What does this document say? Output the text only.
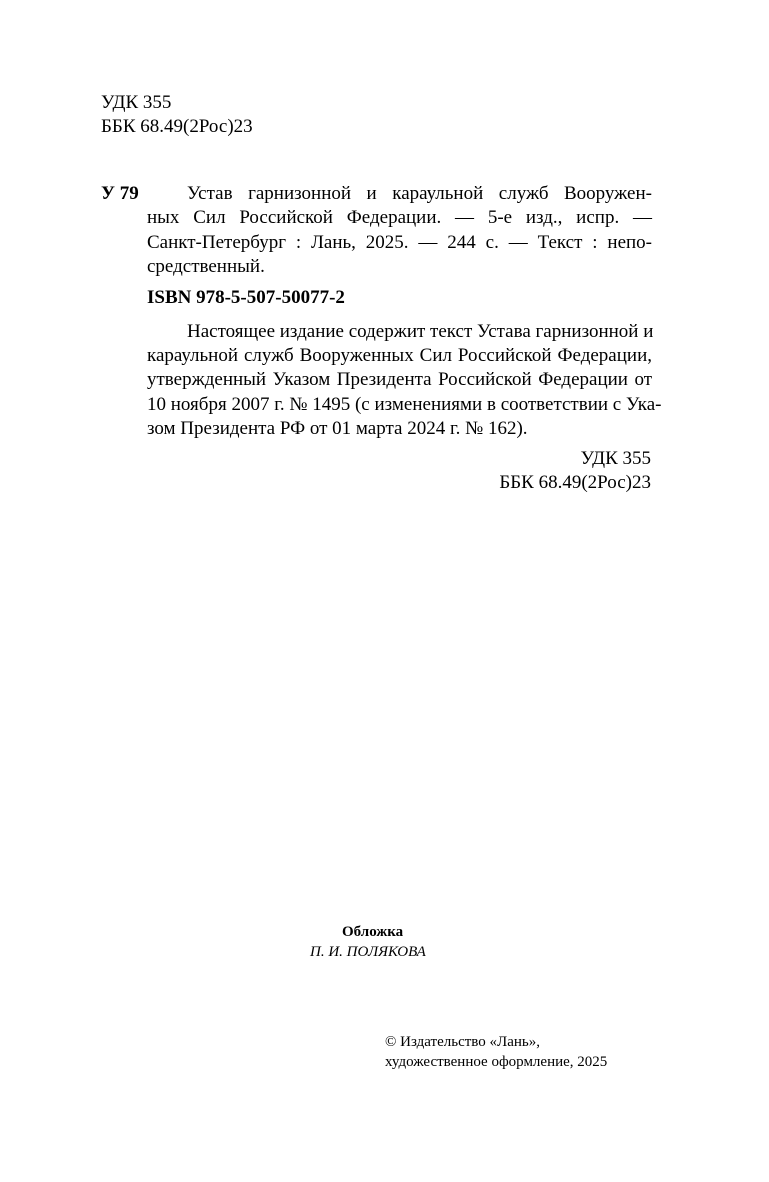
УДК 355
ББК 68.49(2Рос)23
У 79	Устав гарнизонной и караульной служб Вооружен-
ных Сил Российской Федерации. — 5-е изд., испр. —
Санкт-Петербург : Лань, 2025. — 244 с. — Текст : непо-
средственный.
ISBN 978-5-507-50077-2
Настоящее издание содержит текст Устава гарнизонной и
караульной служб Вооруженных Сил Российской Федерации,
утвержденный Указом Президента Российской Федерации от
10 ноября 2007 г. № 1495 (с изменениями в соответствии с Ука-
зом Президента РФ от 01 марта 2024 г. № 162).
УДК 355
ББК 68.49(2Рос)23
Обложка
П. И. ПОЛЯКОВА
© Издательство «Лань»,
художественное оформление, 2025
